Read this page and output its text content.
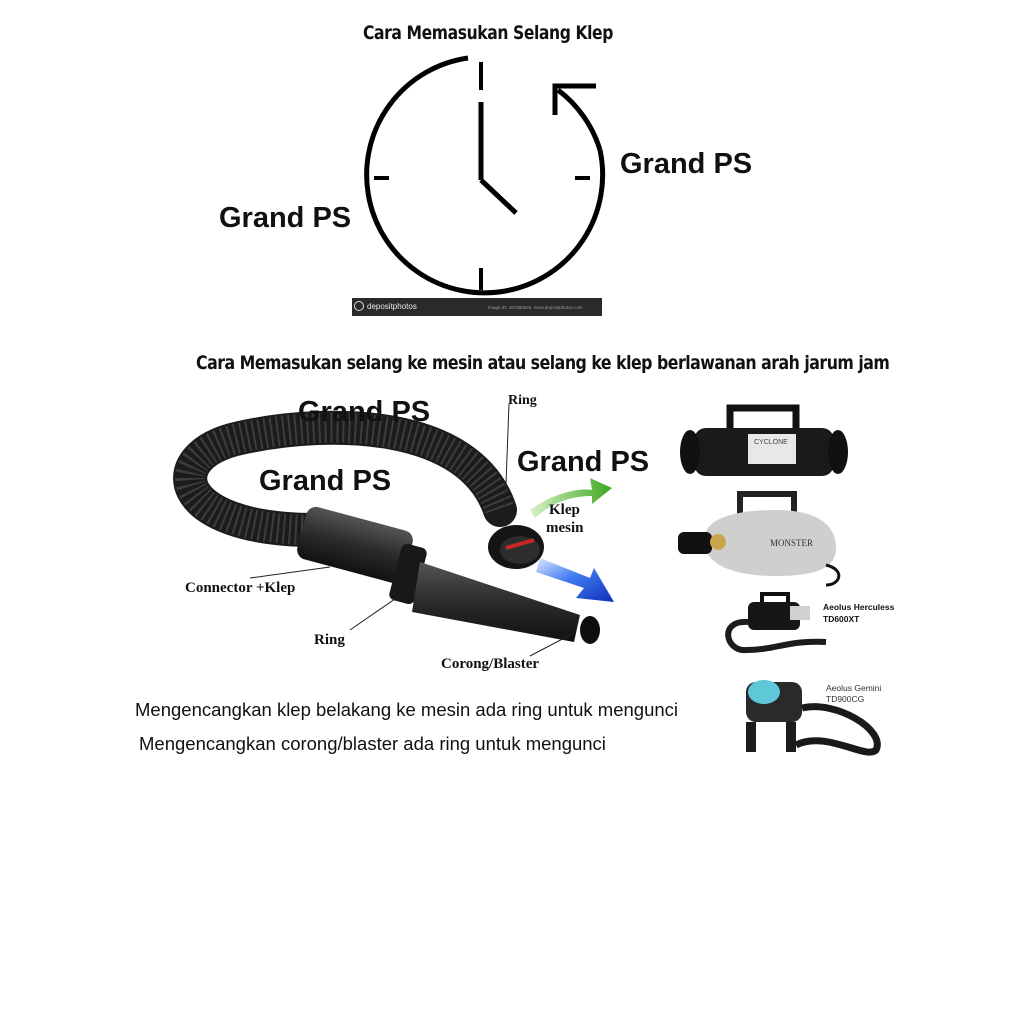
Cara Memasukan Selang Klep
Grand PS
Grand PS
depositphotos	Image ID: 167885546 www.depositphotos.com
Cara Memasukan selang ke mesin atau selang ke klep berlawanan arah jarum jam
Grand PS
Grand PS
Grand PS
Ring
Klep
mesin
Connector +Klep
Ring
Corong/Blaster
CYCLONE
MONSTER
Aeolus Herculess
TD600XT
Aeolus Gemini
TD900CG
Mengencangkan klep belakang ke mesin ada ring untuk mengunci
Mengencangkan corong/blaster ada ring untuk mengunci
